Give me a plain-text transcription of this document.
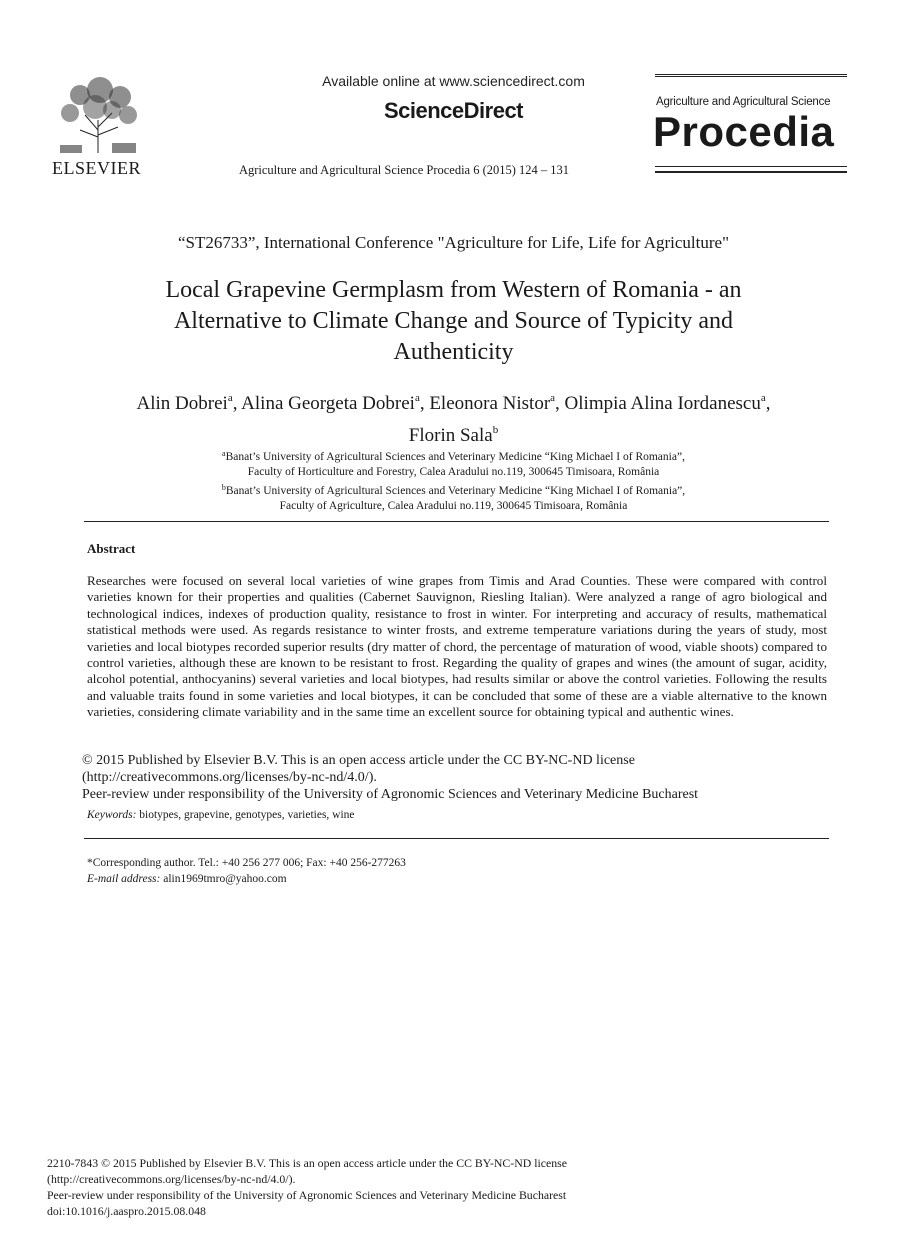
ELSEVIER
Available online at www.sciencedirect.com
ScienceDirect
Agriculture and Agricultural Science Procedia 6 (2015) 124 – 131
Agriculture and Agricultural Science
Procedia
“ST26733”, International Conference "Agriculture for Life, Life for Agriculture"
Local Grapevine Germplasm from Western of Romania - an
Alternative to Climate Change and Source of Typicity and
Authenticity
Alin Dobrei$^a$, Alina Georgeta Dobrei$^a$, Eleonora Nistor$^a$, Olimpia Alina Iordanescu$^a$,
Florin Sala$^b$
$^a$Banat’s University of Agricultural Sciences and Veterinary Medicine “King Michael I of Romania”,
Faculty of Horticulture and Forestry, Calea Aradului no.119, 300645 Timisoara, România
$^b$Banat’s University of Agricultural Sciences and Veterinary Medicine “King Michael I of Romania”,
Faculty of Agriculture, Calea Aradului no.119, 300645 Timisoara, România
Abstract
Researches were focused on several local varieties of wine grapes from Timis and Arad Counties. These were compared with control varieties known for their properties and qualities (Cabernet Sauvignon, Riesling Italian). Were analyzed a range of agro biological and technological indices, indexes of production quality, resistance to frost in winter. For interpreting and accuracy of results, mathematical statistical methods were used. As regards resistance to winter frosts, and extreme temperature variations during the years of study, most varieties and local biotypes recorded superior results (dry matter of chord, the percentage of maturation of wood, viable shoots) compared to control varieties, although these are known to be resistant to frost. Regarding the quality of grapes and wines (the amount of sugar, acidity, alcohol potential, anthocyanins) several varieties and local biotypes, had results similar or above the control varieties. Following the results and valuable traits found in some varieties and local biotypes, it can be concluded that some of these are a viable alternative to the known varieties, considering climate variability and in the same time an excellent source for obtaining typical and authentic wines.
© 2015 Published by Elsevier B.V. This is an open access article under the CC BY-NC-ND license
(http://creativecommons.org/licenses/by-nc-nd/4.0/).
Peer-review under responsibility of the University of Agronomic Sciences and Veterinary Medicine Bucharest
Keywords: biotypes, grapevine, genotypes, varieties, wine
*Corresponding author. Tel.: +40 256 277 006; Fax: +40 256-277263
E-mail address: alin1969tmro@yahoo.com
2210-7843 © 2015 Published by Elsevier B.V. This is an open access article under the CC BY-NC-ND license
(http://creativecommons.org/licenses/by-nc-nd/4.0/).
Peer-review under responsibility of the University of Agronomic Sciences and Veterinary Medicine Bucharest
doi:10.1016/j.aaspro.2015.08.048
